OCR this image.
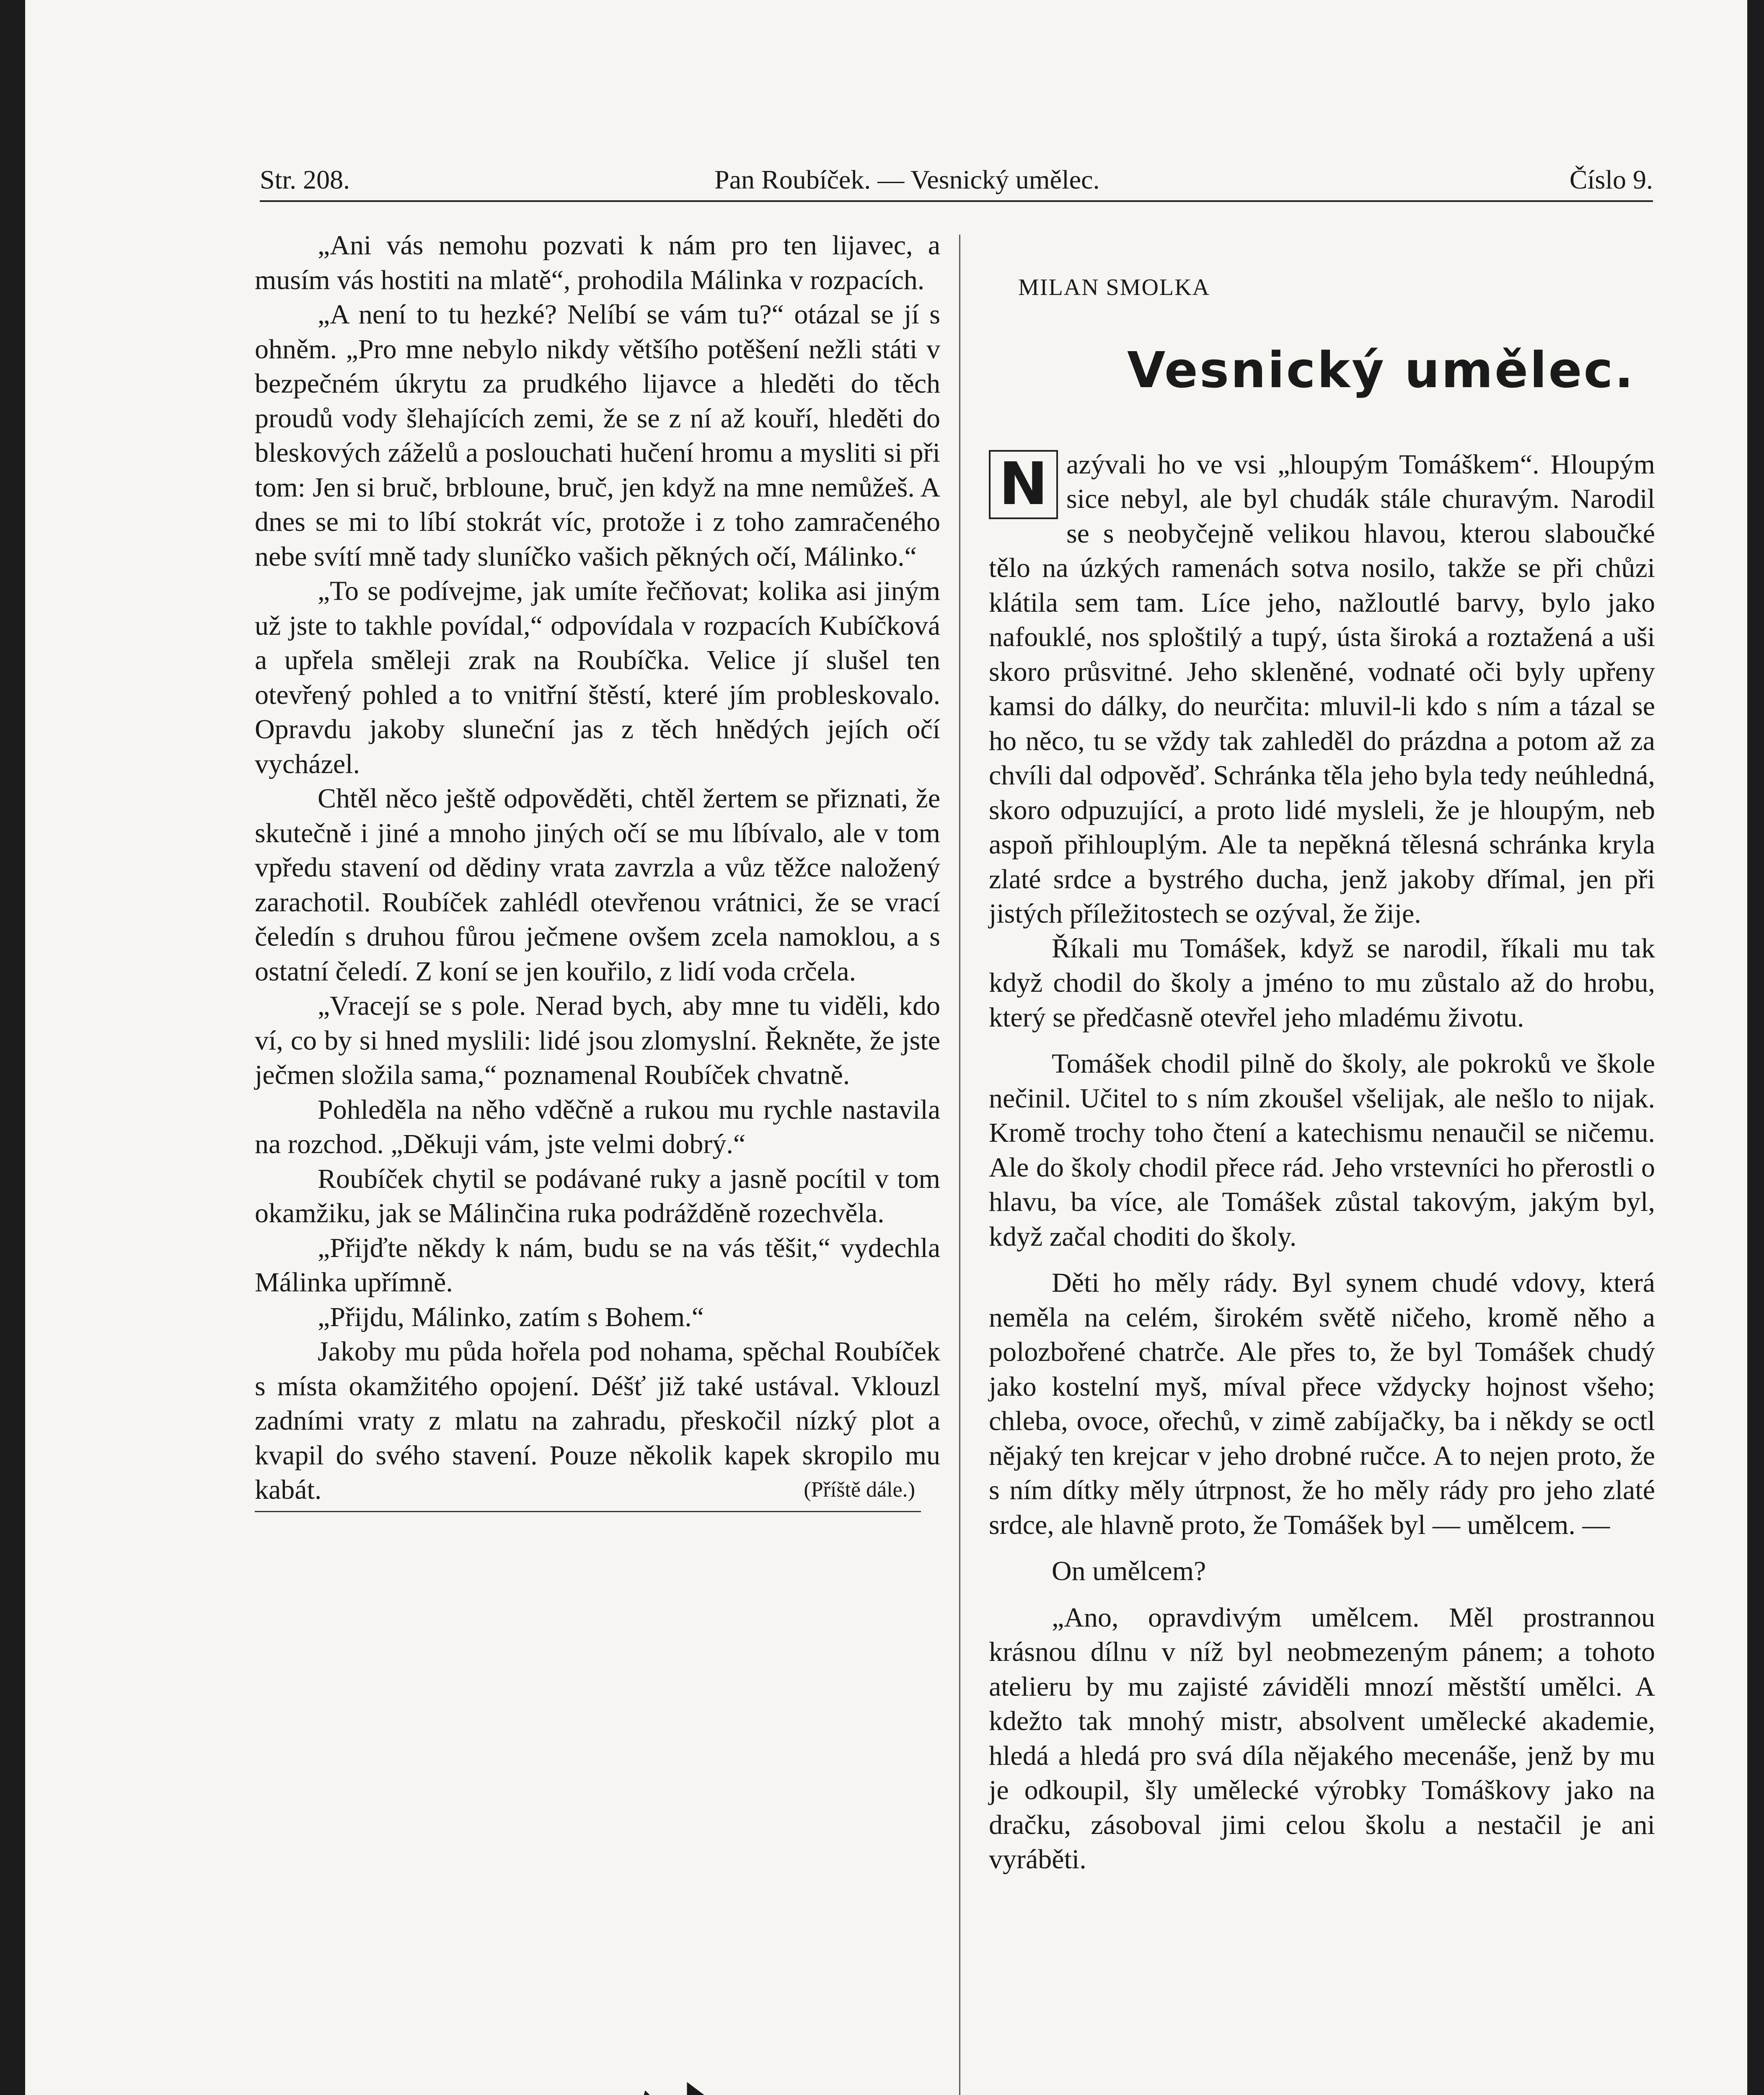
Str. 208.	Pan Roubíček. — Vesnický umělec.	Číslo 9.

„Ani vás nemohu pozvati k nám pro ten lijavec, a musím vás hostiti na mlatě“, prohodila Málinka v rozpacích.

„A není to tu hezké? Nelíbí se vám tu?“ otázal se jí s ohněm. „Pro mne nebylo nikdy většího potěšení nežli státi v bezpečném úkrytu za prudkého lijavce a hleděti do těch proudů vody šlehajících zemi, že se z ní až kouří, hleděti do bleskových záželů a poslouchati hučení hromu a mysliti si při tom: Jen si bruč, brbloune, bruč, jen když na mne nemůžeš. A dnes se mi to líbí stokrát víc, protože i z toho zamračeného nebe svítí mně tady sluníčko vašich pěkných očí, Málinko.“

„To se podívejme, jak umíte řečňovat; kolika asi jiným už jste to takhle povídal,“ odpovídala v rozpacích Kubíčková a upřela směleji zrak na Roubíčka. Velice jí slušel ten otevřený pohled a to vnitřní štěstí, které jím probleskovalo. Opravdu jakoby sluneční jas z těch hnědých jejích očí vycházel.

Chtěl něco ještě odpověděti, chtěl žertem se přiznati, že skutečně i jiné a mnoho jiných očí se mu líbívalo, ale v tom vpředu stavení od dědiny vrata zavrzla a vůz těžce naložený zarachotil. Roubíček zahlédl otevřenou vrátnici, že se vrací čeledín s druhou fůrou ječmene ovšem zcela namoklou, a s ostatní čeledí. Z koní se jen kouřilo, z lidí voda crčela.

„Vracejí se s pole. Nerad bych, aby mne tu viděli, kdo ví, co by si hned myslili: lidé jsou zlomyslní. Řekněte, že jste ječmen složila sama,“ poznamenal Roubíček chvatně.

Pohleděla na něho vděčně a rukou mu rychle nastavila na rozchod. „Děkuji vám, jste velmi dobrý.“

Roubíček chytil se podávané ruky a jasně pocítil v tom okamžiku, jak se Málinčina ruka podrážděně rozechvěla.

„Přijďte někdy k nám, budu se na vás těšit,“ vydechla Málinka upřímně.

„Přijdu, Málinko, zatím s Bohem.“

Jakoby mu půda hořela pod nohama, spěchal Roubíček s místa okamžitého opojení. Déšť již také ustával. Vklouzl zadními vraty z mlatu na zahradu, přeskočil nízký plot a kvapil do svého stavení. Pouze několik kapek skropilo mu kabát.	(Příště dále.)

MILAN SMOLKA
Vesnický umělec.
N azývali ho ve vsi „hloupým Tomáškem“. Hloupým sice nebyl, ale byl chudák stále churavým. Narodil se s neobyčejně velikou hlavou, kterou slaboučké tělo na úzkých ramenách sotva nosilo, takže se při chůzi klátila sem tam. Líce jeho, nažloutlé barvy, bylo jako nafouklé, nos sploštilý a tupý, ústa široká a roztažená a uši skoro průsvitné. Jeho skleněné, vodnaté oči byly upřeny kamsi do dálky, do neurčita: mluvil-li kdo s ním a tázal se ho něco, tu se vždy tak zahleděl do prázdna a potom až za chvíli dal odpověď. Schránka těla jeho byla tedy neúhledná, skoro odpuzující, a proto lidé mysleli, že je hloupým, neb aspoň přihlouplým. Ale ta nepěkná tělesná schránka kryla zlaté srdce a bystrého ducha, jenž jakoby dřímal, jen při jistých příležitostech se ozýval, že žije.

Říkali mu Tomášek, když se narodil, říkali mu tak když chodil do školy a jméno to mu zůstalo až do hrobu, který se předčasně otevřel jeho mladému životu.

Tomášek chodil pilně do školy, ale pokroků ve škole nečinil. Učitel to s ním zkoušel všelijak, ale nešlo to nijak. Kromě trochy toho čtení a katechismu nenaučil se ničemu. Ale do školy chodil přece rád. Jeho vrstevníci ho přerostli o hlavu, ba více, ale Tomášek zůstal takovým, jakým byl, když začal choditi do školy.

Děti ho měly rády. Byl synem chudé vdovy, která neměla na celém, širokém světě ničeho, kromě něho a polozbořené chatrče. Ale přes to, že byl Tomášek chudý jako kostelní myš, míval přece vždycky hojnost všeho; chleba, ovoce, ořechů, v zimě zabíjačky, ba i někdy se octl nějaký ten krejcar v jeho drobné ručce. A to nejen proto, že s ním dítky měly útrpnost, že ho měly rády pro jeho zlaté srdce, ale hlavně proto, že Tomášek byl — umělcem. —

On umělcem?

„Ano, opravdivým umělcem. Měl prostrannou krásnou dílnu v níž byl neobmezeným pánem; a tohoto atelieru by mu zajisté záviděli mnozí městští umělci. A kdežto tak mnohý mistr, absolvent umělecké akademie, hledá a hledá pro svá díla nějakého mecenáše, jenž by mu je odkoupil, šly umělecké výrobky Tomáškovy jako na dračku, zásoboval jimi celou školu a nestačil je ani vyráběti.
